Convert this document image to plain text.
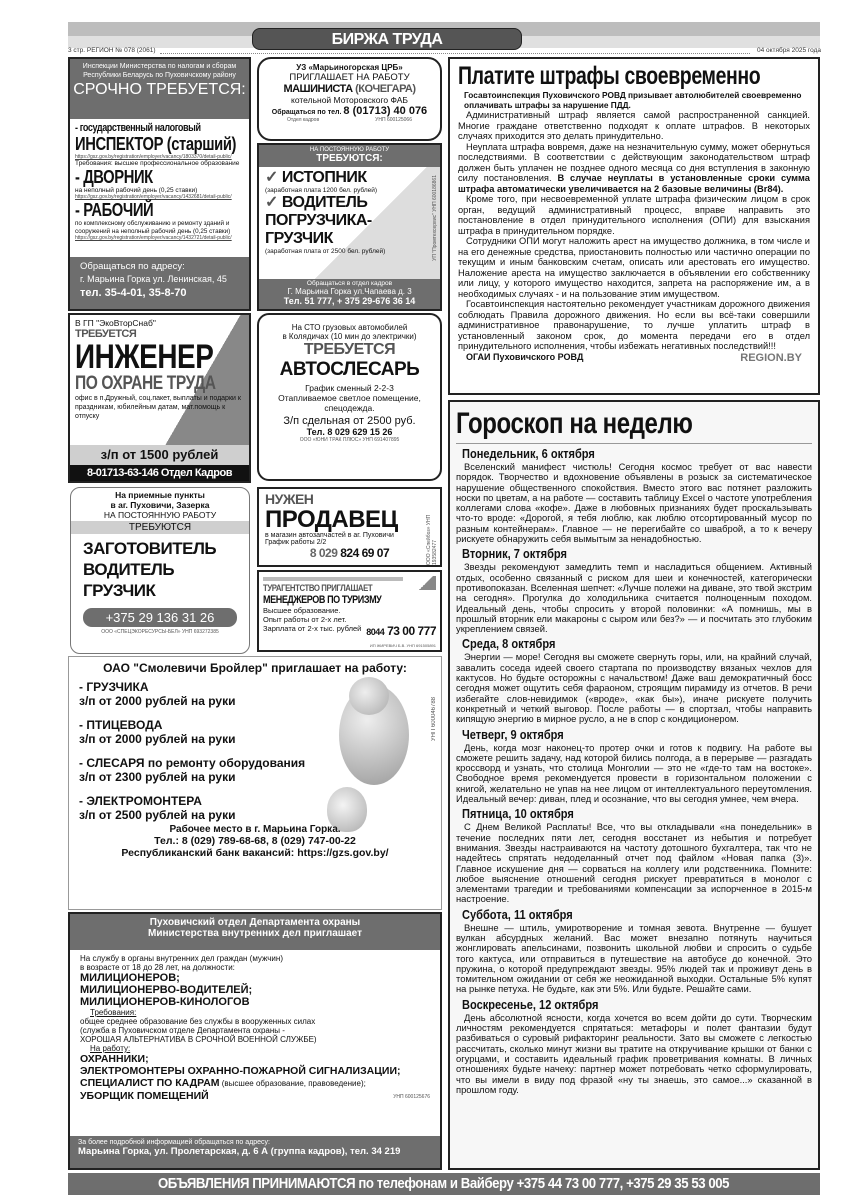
БИРЖА ТРУДА
3 стр. РЕГИОН № 078 (2061)	04 октября 2025 года
Инспекции Министерства по налогам и сборам Республики Беларусь по Пуховичскому району
СРОЧНО ТРЕБУЕТСЯ:
- государственный налоговый
ИНСПЕКТОР (старший)
https://gsz.gov.by/registration/employer/vacancy/1803370/detail-public/
Требования: высшее профессиональное образование
- ДВОРНИК
на неполный рабочий день (0,25 ставки)
https://gsz.gov.by/registration/employer/vacancy/1432681/detail-public/
- РАБОЧИЙ
по комплексному обслуживанию и ремонту зданий и сооружений на неполный рабочий день (0,25 ставки)
https://gsz.gov.by/registration/employer/vacancy/1432721/detail-public/
Обращаться по адресу:
г. Марьина Горка ул. Ленинская, 45
тел. 35-4-01, 35-8-70
УЗ «Марьиногорская ЦРБ»
ПРИГЛАШАЕТ НА РАБОТУ
МАШИНИСТА (КОЧЕГАРА)
котельной Моторовского ФАБ
Обращаться по тел. 8 (01713) 40 076
Отдел кадров	УНП 600125066
НА ПОСТОЯННУЮ РАБОТУ
ТРЕБУЮТСЯ:
✓ ИСТОПНИК
(заработная плата 1200 бел. рублей)
✓ ВОДИТЕЛЬ
ПОГРУЗЧИКА-
ГРУЗЧИК
(заработная плата от 2500 бел. рублей)	УП "Промтехсервис" УНП 600186861
Обращаться в отдел кадров
Г. Марьина Горка ул.Чапаева д. 3
Тел. 51 777, + 375 29-676 36 14
В ГП "ЭкоВторСнаб"
ТРЕБУЕТСЯ
ИНЖЕНЕР
ПО ОХРАНЕ ТРУДА
офис в п.Дружный, соц.пакет, выплаты и подарки к праздникам, юбилейным датам, мат.помощь к отпуску
з/п от 1500 рублей
8-01713-63-146 Отдел Кадров
На СТО грузовых автомобилей
в Колядичах (10 мин до электрички)
ТРЕБУЕТСЯ
АВТОСЛЕСАРЬ
График сменный 2-2-3
Отапливаемое светлое помещение, спецодежда.
З/п сдельная от 2500 руб.
Тел. 8 029 629 15 26
ООО «ЮНИ ТРАК ПЛЮС» УНП 691407895
На приемные пункты
в аг. Пуховичи, Зазерка
НА ПОСТОЯННУЮ РАБОТУ
ТРЕБУЮТСЯ
ЗАГОТОВИТЕЛЬ
ВОДИТЕЛЬ
ГРУЗЧИК
+375 29 136 31 26
ООО «СПЕЦЭКОРЕСУРСЫ-БЕЛ» УНП 693272385
НУЖЕН
ПРОДАВЕЦ
в магазин автозапчастей в аг. Пуховичи
График работы 2/2
8 029 824 69 07	ООО «Спейбоз» УНП 193582477
ТУРАГЕНТСТВО ПРИГЛАШАЕТ
МЕНЕДЖЕРОВ ПО ТУРИЗМУ
Высшее образование.
Опыт работы от 2-х лет.
Зарплата от 2-х тыс. рублей 8044 73 00 777
ИП ЖИРЕВИЧ Б.В. УНП 691505891
ОАО "Смолевичи Бройлер" приглашает на работу:
- ГРУЗЧИКА
з/п от 2000 рублей на руки
- ПТИЦЕВОДА
з/п от 2000 рублей на руки
- СЛЕСАРЯ по ремонту оборудования
з/п от 2300 рублей на руки
- ЭЛЕКТРОМОНТЕРА
з/п от 2500 рублей на руки
Рабочее место в г. Марьина Горка.
Тел.: 8 (029) 789-68-68, 8 (029) 747-00-22
Республиканский банк вакансий: https://gzs.gov.by/
УНП 600046788
Пуховичский отдел Департамента охраны
Министерства внутренних дел приглашает
На службу в органы внутренних дел граждан (мужчин)
в возрасте от 18 до 28 лет, на должности:
МИЛИЦИОНЕРОВ;
МИЛИЦИОНЕРВО-ВОДИТЕЛЕЙ;
МИЛИЦИОНЕРОВ-КИНОЛОГОВ
Требования:
общее среднее образование без службы в вооруженных силах
(служба в Пуховичском отделе Департамента охраны -
ХОРОШАЯ АЛЬТЕРНАТИВА В СРОЧНОЙ ВОЕННОЙ СЛУЖБЕ)
На работу:
ОХРАННИКИ;
ЭЛЕКТРОМОНТЕРЫ ОХРАННО-ПОЖАРНОЙ СИГНАЛИЗАЦИИ;
СПЕЦИАЛИСТ ПО КАДРАМ (высшее образование, правоведение);
УБОРЩИК ПОМЕЩЕНИЙ	УНП 600125676
За более подробной информацией обращаться по адресу:
Марьина Горка, ул. Пролетарская, д. 6 А (группа кадров), тел. 34 219
Платите штрафы своевременно
Госавтоинспекция Пуховичского РОВД призывает автолюбителей своевременно оплачивать штрафы за нарушение ПДД.

Административный штраф является самой распространенной санкцией. Многие граждане ответственно подходят к оплате штрафов. В некоторых случаях приходится это делать принудительно.

Неуплата штрафа вовремя, даже на незначительную сумму, может обернуться последствиями. В соответствии с действующим законодательством штраф должен быть уплачен не позднее одного месяца со дня вступления в законную силу постановления. В случае неуплаты в установленные сроки сумма штрафа автоматически увеличивается на 2 базовые величины (Br84).

Кроме того, при несвоевременной уплате штрафа физическим лицом в срок орган, ведущий административный процесс, вправе направить это постановление в отдел принудительного исполнения (ОПИ) для взыскания штрафа в принудительном порядке.

Сотрудники ОПИ могут наложить арест на имущество должника, в том числе и на его денежные средства, приостановить полностью или частично операции по текущим и иным банковским счетам, описать или арестовать его имущество. Наложение ареста на имущество заключается в объявлении его собственнику или лицу, у которого имущество находится, запрета на распоряжение им, а в необходимых случаях - и на пользование этим имуществом.

Госавтоинспекция настоятельно рекомендует участникам дорожного движения соблюдать Правила дорожного движения. Но если вы всё-таки совершили административное правонарушение, то лучше уплатить штраф в установленный законом срок, до момента передачи его в отдел принудительного исполнения, чтобы избежать негативных последствий!!!

ОГАИ Пуховичского РОВД	REGION.BY
Гороскоп на неделю
Понедельник, 6 октября

Вселенский манифест чистюль! Сегодня космос требует от вас навести порядок. Творчество и вдохновение объявлены в розыск за систематическое нарушение общественного спокойствия. Вместо этого вас потянет разложить носки по цветам, а на работе — составить таблицу Excel о частоте употребления коллегами слова «кофе». Даже в любовных признаниях будет проскальзывать что-то вроде: «Дорогой, я тебя люблю, как люблю отсортированный мусор по разным контейнерам». Главное — не перегибайте со шваброй, а то к вечеру рискуете обнаружить себя вымытым за ненадобностью.

Вторник, 7 октября

Звезды рекомендуют замедлить темп и насладиться общением. Активный отдых, особенно связанный с риском для шеи и конечностей, категорически противопоказан. Вселенная шепчет: «Лучше полежи на диване, это твой экстрим на сегодня». Прогулка до холодильника считается полноценным походом. Идеальный день, чтобы спросить у второй половинки: «А помнишь, мы в прошлый вторник ели макароны с сыром или без?» — и посчитать это глубоким укреплением связей.

Среда, 8 октября

Энергии — море! Сегодня вы сможете свернуть горы, или, на крайний случай, завалить соседа идеей своего стартапа по производству вязаных чехлов для кактусов. Но будьте осторожны с начальством! Даже ваш демократичный босс сегодня может ощутить себя фараоном, строящим пирамиду из отчетов. В речи избегайте слов-невидимок («вроде», «как бы»), иначе рискуете получить конкретный и четкий выговор. После работы — в спортзал, чтобы направить кипящую энергию в мирное русло, а не в спор с кондиционером.

Четверг, 9 октября

День, когда мозг наконец-то протер очки и готов к подвигу. На работе вы сможете решить задачу, над которой бились полгода, а в перерыве — разгадать кроссворд и узнать, что столица Монголии — это не «где-то там на востоке». Свободное время рекомендуется провести в горизонтальном положении с книгой, желательно не упав на нее лицом от интеллектуального переутомления. Идеальный вечер: диван, плед и осознание, что вы сегодня умнее, чем вчера.

Пятница, 10 октября

С Днем Великой Расплаты! Все, что вы откладывали «на понедельник» в течение последних пяти лет, сегодня восстанет из небытия и потребует внимания. Звезды настраиваются на частоту дотошного бухгалтера, так что не надейтесь спрятать недоделанный отчет под файлом «Новая папка (3)». Главное искушение дня — сорваться на коллегу или родственника. Помните: любое выяснение отношений сегодня рискует превратиться в монолог с элементами трагедии и требованиями компенсации за испорченное в 2015-м настроение.

Суббота, 11 октября

Внешне — штиль, умиротворение и томная зевота. Внутренне — бушует вулкан абсурдных желаний. Вас может внезапно потянуть научиться жонглировать апельсинами, позвонить школьной любви и спросить о судьбе того кактуса, или отправиться в путешествие на автобусе до конечной. Это пружина, о которой предупреждают звезды. 95% людей так и проживут день в томительном ожидании от себя же неожиданной выходки. Остальные 5% купят на рынке петуха. Не будьте, как эти 5%. Или будьте. Решайте сами.

Воскресенье, 12 октября

День абсолютной ясности, когда хочется во всем дойти до сути. Творческим личностям рекомендуется спрятаться: метафоры и полет фантазии будут разбиваться о суровый рифакторинг реальности. Зато вы сможете с легкостью рассчитать, сколько минут жизни вы тратите на откручивание крышки от банки с огурцами, и составить идеальный график проветривания комнаты. В личных отношениях будьте начеку: партнер может потребовать четко сформулировать, что вы имели в виду под фразой «ну ты знаешь, это самое...» сказанной в прошлом году.

ОБЪЯВЛЕНИЯ ПРИНИМАЮТСЯ по телефонам и Вайберу +375 44 73 00 777, +375 29 35 53 005
